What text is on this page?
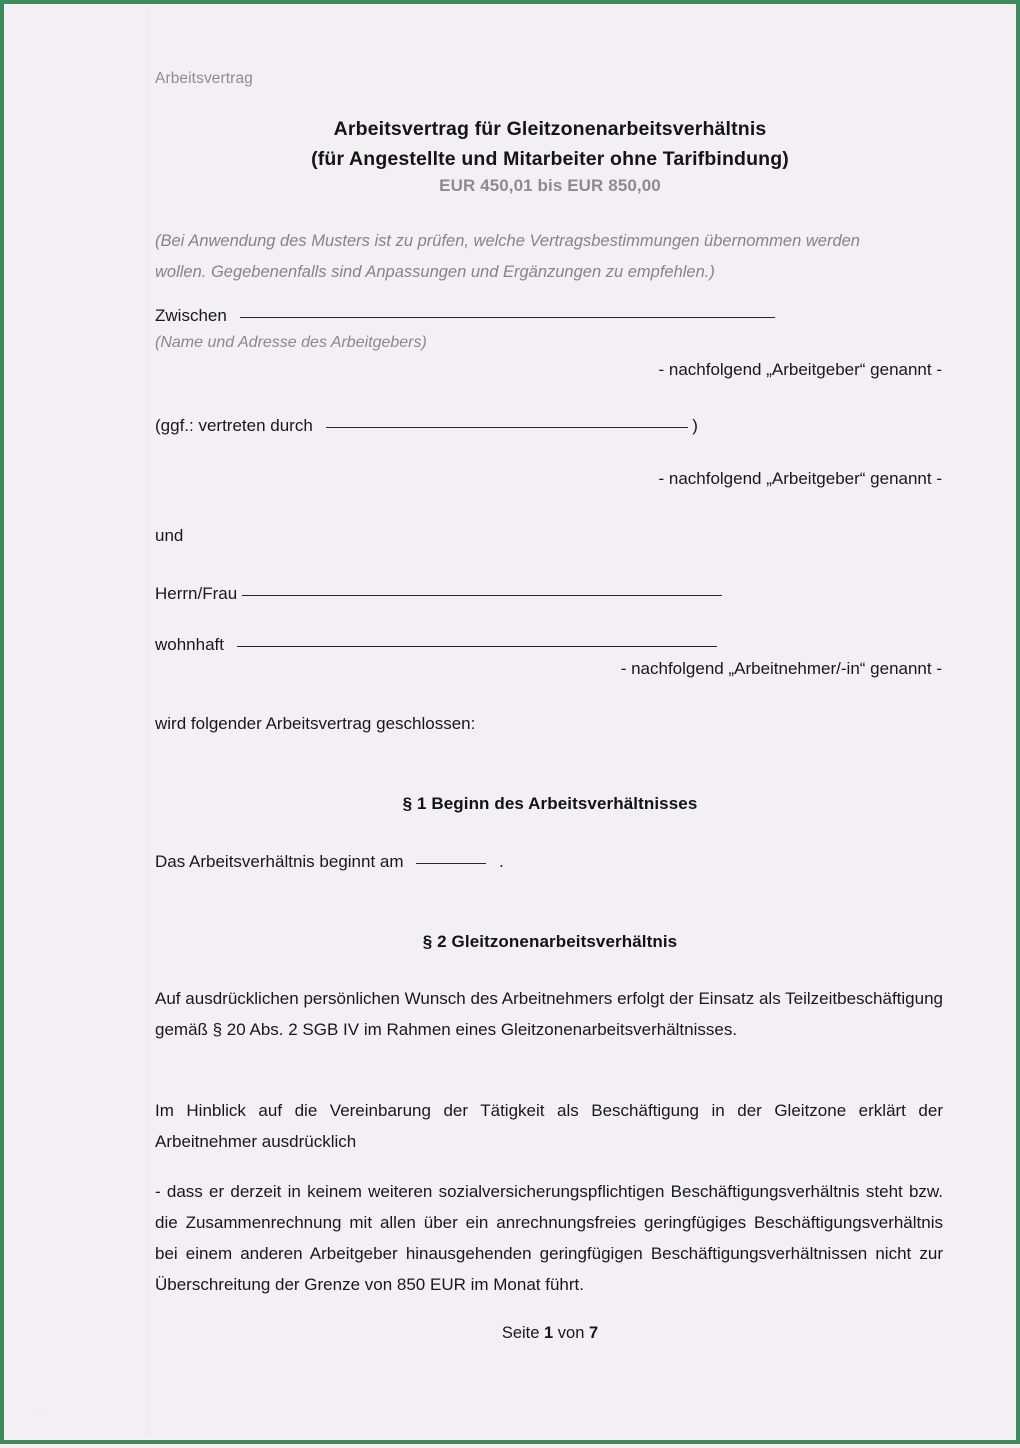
Arbeitsvertrag
Arbeitsvertrag für Gleitzonenarbeitsverhältnis
(für Angestellte und Mitarbeiter ohne Tarifbindung)
EUR 450,01 bis EUR 850,00
(Bei Anwendung des Musters ist zu prüfen, welche Vertragsbestimmungen übernommen werden wollen. Gegebenenfalls sind Anpassungen und Ergänzungen zu empfehlen.)
Zwischen
(Name und Adresse des Arbeitgebers)
- nachfolgend „Arbeitgeber“ genannt -
(ggf.: vertreten durch	)
- nachfolgend „Arbeitgeber“ genannt -
und
Herrn/Frau
wohnhaft
- nachfolgend „Arbeitnehmer/-in“ genannt -
wird folgender Arbeitsvertrag geschlossen:
§ 1 Beginn des Arbeitsverhältnisses
Das Arbeitsverhältnis beginnt am	.
§ 2 Gleitzonenarbeitsverhältnis
Auf ausdrücklichen persönlichen Wunsch des Arbeitnehmers erfolgt der Einsatz als Teilzeitbeschäftigung gemäß § 20 Abs. 2 SGB IV im Rahmen eines Gleitzonenarbeitsverhältnisses.
Im Hinblick auf die Vereinbarung der Tätigkeit als Beschäftigung in der Gleitzone erklärt der Arbeitnehmer ausdrücklich
- dass er derzeit in keinem weiteren sozialversicherungspflichtigen Beschäftigungsverhältnis steht bzw. die Zusammenrechnung mit allen über ein anrechnungsfreies geringfügiges Beschäftigungsverhältnis bei einem anderen Arbeitgeber hinausgehenden geringfügigen Beschäftigungsverhältnissen nicht zur Überschreitung der Grenze von 850 EUR im Monat führt.
Seite 1 von 7
20
